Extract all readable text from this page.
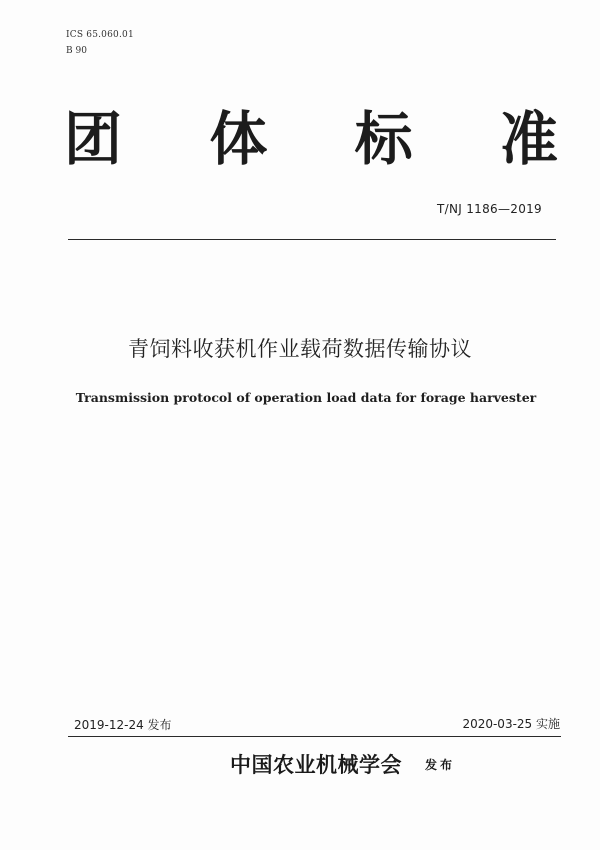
ICS 65.060.01
B 90
团 体 标 准
T/NJ 1186—2019
青饲料收获机作业载荷数据传输协议
Transmission protocol of operation load data for forage harvester
2019-12-24 发布	2020-03-25 实施
中国农业机械学会 发布
